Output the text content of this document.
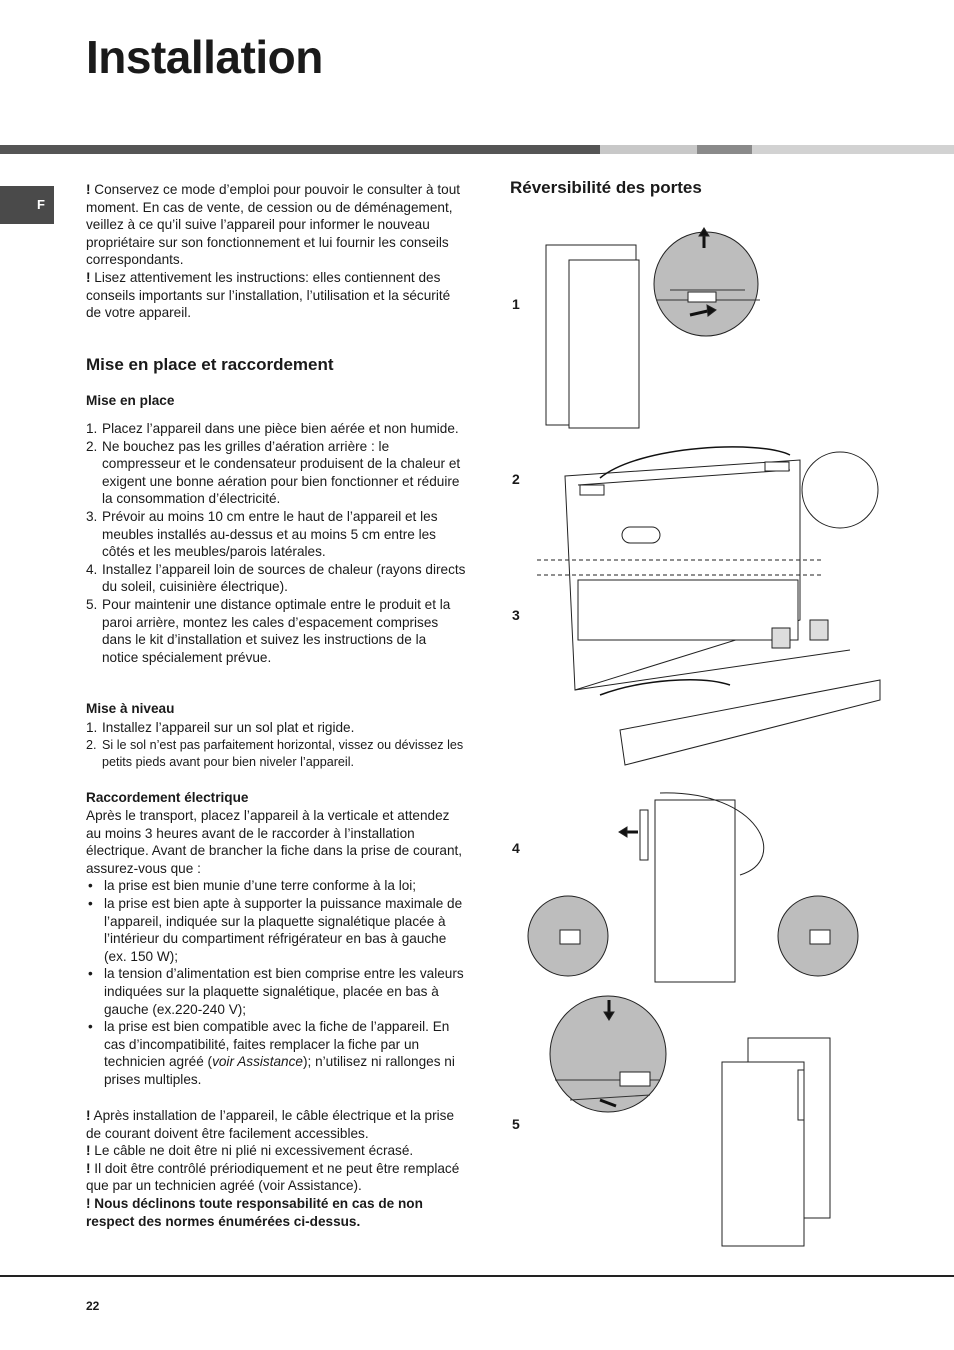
Installation
F

! Conservez ce mode d’emploi pour pouvoir le consulter à tout moment. En cas de vente, de cession ou de déménagement, veillez à ce qu’il suive l’appareil pour informer le nouveau propriétaire sur son fonctionnement et lui fournir les conseils correspondants.

! Lisez attentivement les instructions: elles contiennent des conseils importants sur l’installation, l’utilisation et la sécurité de votre appareil.

Mise en place et raccordement
Mise en place
1. Placez l’appareil dans une pièce bien aérée et non humide.
2. Ne bouchez pas les grilles d’aération arrière : le compresseur et le condensateur produisent de la chaleur et exigent une bonne aération pour bien fonctionner et réduire la consommation d’électricité.
3. Prévoir au moins 10 cm entre le haut de l’appareil et les meubles installés au-dessus et au moins 5 cm entre les côtés et les meubles/parois latérales.
4. Installez l’appareil loin de sources de chaleur (rayons directs du soleil, cuisinière électrique).
5. Pour maintenir une distance optimale entre le produit et la paroi arrière, montez les cales d’espacement comprises dans le kit d’installation et suivez les instructions de la notice spécialement prévue.
Mise à niveau
1. Installez l’appareil sur un sol plat et rigide.
2. Si le sol n’est pas parfaitement horizontal, vissez ou dévissez les petits pieds avant pour bien niveler l’appareil.
Raccordement électrique

Après le transport, placez l’appareil à la verticale et attendez au moins 3 heures avant de le raccorder à l’installation électrique. Avant de brancher la fiche dans la prise de courant, assurez-vous que :

• la prise est bien munie d’une terre conforme à la loi;
• la prise est bien apte à supporter la puissance maximale de l’appareil, indiquée sur la plaquette signalétique placée à l’intérieur du compartiment réfrigérateur en bas à gauche (ex. 150 W);
• la tension d’alimentation est bien comprise entre les valeurs indiquées sur la plaquette signalétique, placée en bas à gauche (ex.220-240 V);
• la prise est bien compatible avec la fiche de l’appareil. En cas d’incompatibilité, faites remplacer la fiche par un technicien agréé (voir Assistance); n’utilisez ni rallonges ni prises multiples.

! Après installation de l’appareil, le câble électrique et la prise de courant doivent être facilement accessibles.

! Le câble ne doit être ni plié ni excessivement écrasé.

! Il doit être contrôlé prériodiquement et ne peut être remplacé que par un technicien agréé (voir Assistance).

! Nous déclinons toute responsabilité en cas de non respect des normes énumérées ci-dessus.

Réversibilité des portes
1
2
3
4
5
22
